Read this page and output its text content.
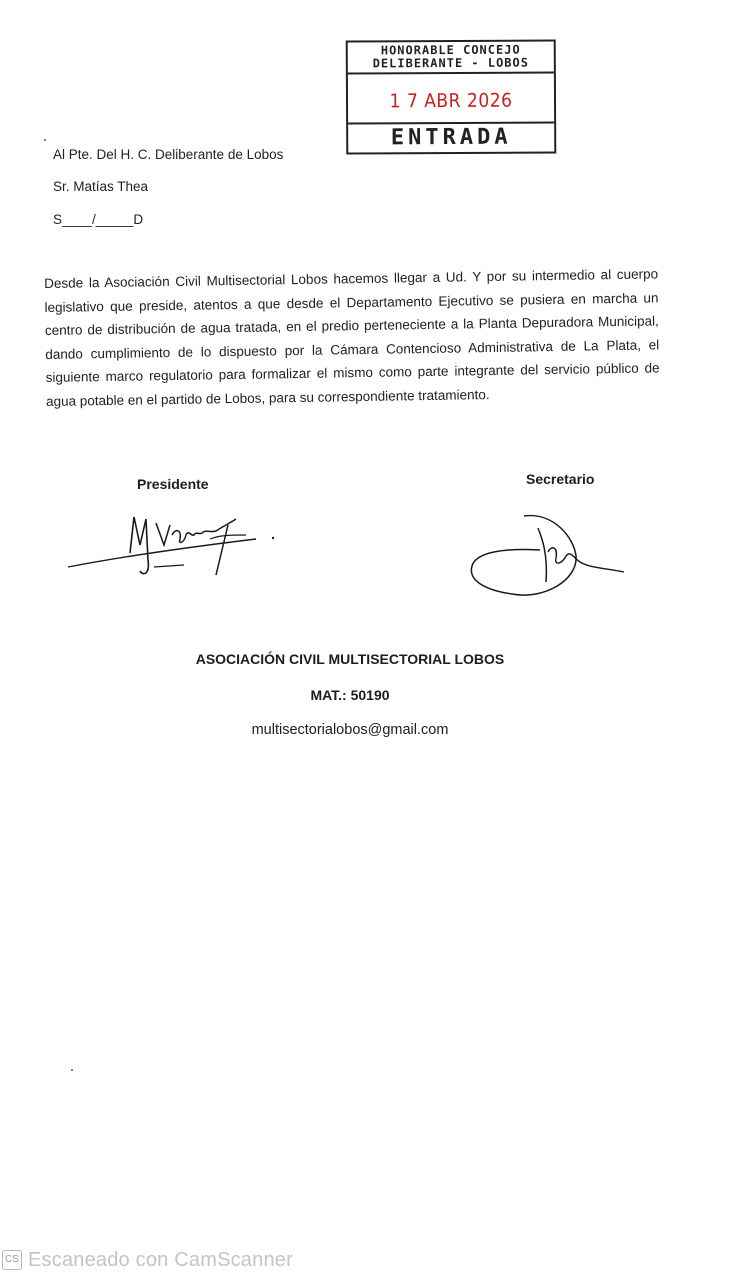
HONORABLE CONCEJO
DELIBERANTE - LOBOS
1 7 ABR 2026
ENTRADA
Al Pte. Del H. C. Deliberante de Lobos
Sr. Matías Thea
S____/_____D
Desde la Asociación Civil Multisectorial Lobos hacemos llegar a Ud. Y por su intermedio al cuerpo legislativo que preside, atentos a que desde el Departamento Ejecutivo se pusiera en marcha un centro de distribución de agua tratada, en el predio perteneciente a la Planta Depuradora Municipal, dando cumplimiento de lo dispuesto por la Cámara Contencioso Administrativa de La Plata, el siguiente marco regulatorio para formalizar el mismo como parte integrante del servicio público de agua potable en el partido de Lobos, para su correspondiente tratamiento.
Presidente	Secretario
ASOCIACIÓN CIVIL MULTISECTORIAL LOBOS
MAT.: 50190
multisectorialobos@gmail.com
CS Escaneado con CamScanner
